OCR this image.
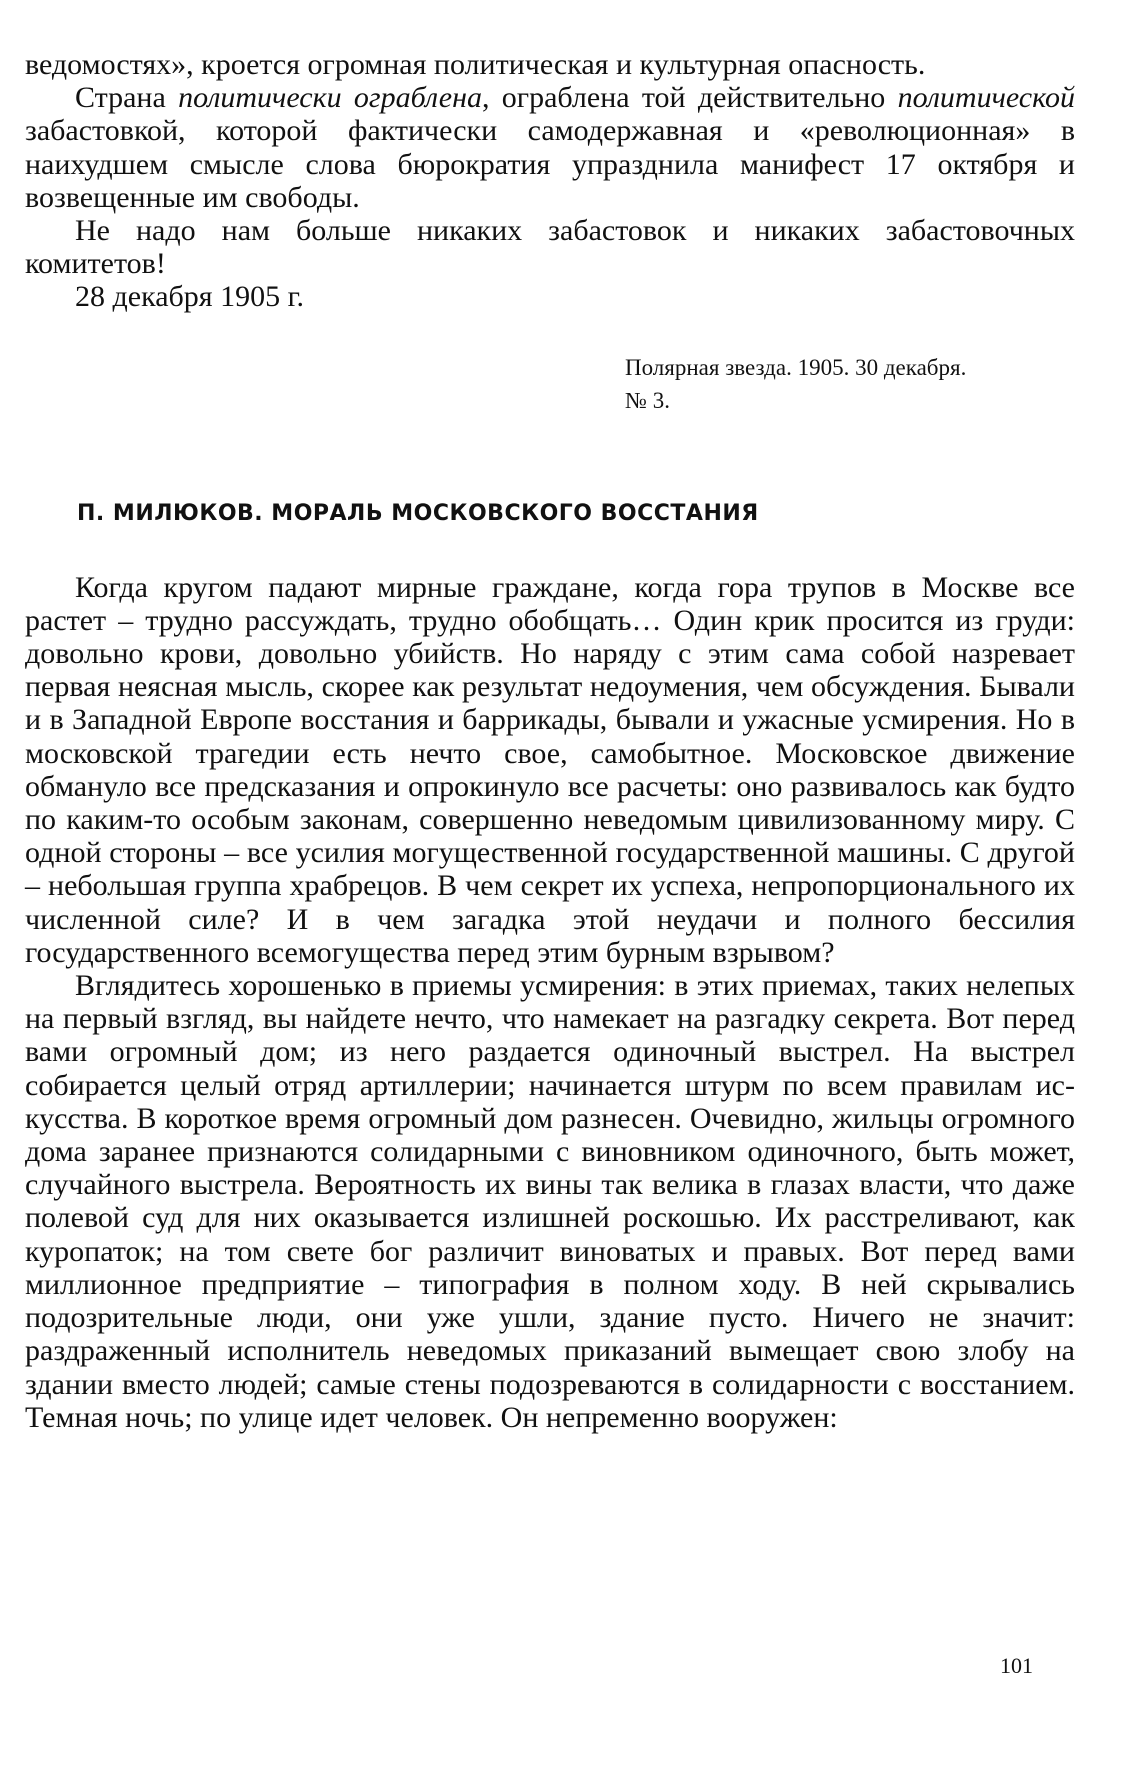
ведомостях», кроется огромная политическая и культурная опасность.

Страна политически ограблена, ограблена той действительно политической забастовкой, которой фактически самодержавная и «революционная» в наихудшем смысле слова бюрократия упразднила манифест 17 октября и возвещенные им свободы.

Не надо нам больше никаких забастовок и никаких забастовочных комитетов!

28 декабря 1905 г.

Полярная звезда. 1905. 30 декабря.
№ 3.

П. МИЛЮКОВ. МОРАЛЬ МОСКОВСКОГО ВОССТАНИЯ

Когда кругом падают мирные граждане, когда гора трупов в Москве все растет – трудно рассуждать, трудно обобщать… Один крик просится из груди: довольно крови, довольно убийств. Но наряду с этим сама собой назревает первая неясная мысль, скорее как результат недоумения, чем обсуждения. Бывали и в Западной Европе восстания и баррикады, бывали и ужасные усмирения. Но в московской трагедии есть нечто свое, самобытное. Московское движение обмануло все предсказания и опрокинуло все расчеты: оно развивалось как будто по каким-то особым законам, совершенно неведомым цивилизованному миру. С одной стороны – все усилия могущественной государственной машины. С другой – небольшая группа храбрецов. В чем секрет их успеха, непропорционального их численной силе? И в чем загадка этой неудачи и полного бессилия государственного всемогущества перед этим бурным взрывом?

Вглядитесь хорошенько в приемы усмирения: в этих приемах, таких нелепых на первый взгляд, вы найдете нечто, что намекает на разгадку секрета. Вот перед вами огромный дом; из него раздается одиночный выстрел. На выстрел собирается целый отряд артиллерии; начинается штурм по всем правилам искусства. В короткое время огромный дом разнесен. Очевидно, жильцы огромного дома заранее признаются солидарными с виновником одиночного, быть может, случайного выстрела. Вероятность их вины так велика в глазах власти, что даже полевой суд для них оказывается излишней роскошью. Их расстреливают, как куропаток; на том свете бог различит виноватых и правых. Вот перед вами миллионное предприятие – типография в полном ходу. В ней скрывались подозрительные люди, они уже ушли, здание пусто. Ничего не значит: раздраженный исполнитель неведомых приказаний вымещает свою злобу на здании вместо людей; самые стены подозреваются в солидарности с восстанием. Темная ночь; по улице идет человек. Он непременно вооружен:

101
